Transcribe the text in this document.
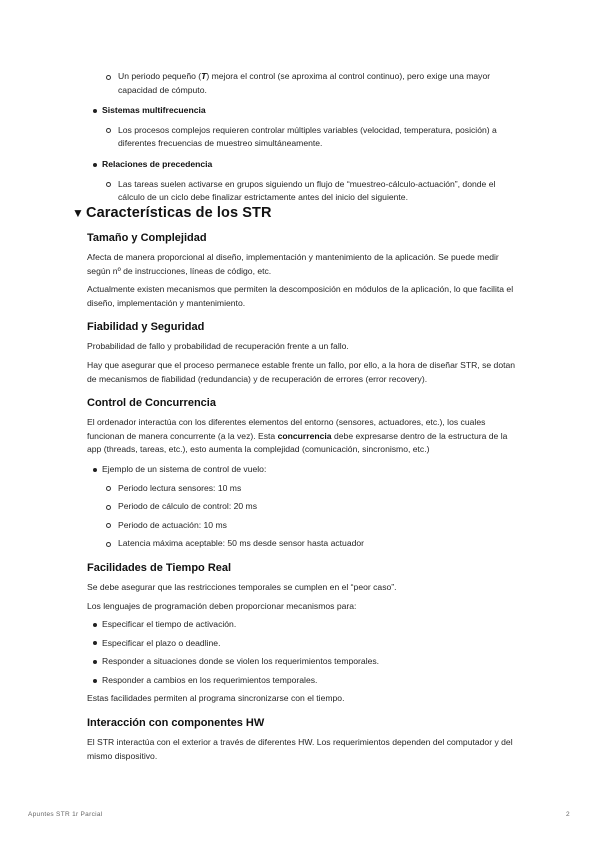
Un periodo pequeño (T) mejora el control (se aproxima al control continuo), pero exige una mayor capacidad de cómputo.
Sistemas multifrecuencia
Los procesos complejos requieren controlar múltiples variables (velocidad, temperatura, posición) a diferentes frecuencias de muestreo simultáneamente.
Relaciones de precedencia
Las tareas suelen activarse en grupos siguiendo un flujo de “muestreo-cálculo-actuación”, donde el cálculo de un ciclo debe finalizar estrictamente antes del inicio del siguiente.
▼ Características de los STR

Tamaño y Complejidad

Afecta de manera proporcional al diseño, implementación y mantenimiento de la aplicación. Se puede medir según nº de instrucciones, líneas de código, etc.

Actualmente existen mecanismos que permiten la descomposición en módulos de la aplicación, lo que facilita el diseño, implementación y mantenimiento.

Fiabilidad y Seguridad

Probabilidad de fallo y probabilidad de recuperación frente a un fallo.

Hay que asegurar que el proceso permanece estable frente un fallo, por ello, a la hora de diseñar STR, se dotan de mecanismos de fiabilidad (redundancia) y de recuperación de errores (error recovery).

Control de Concurrencia

El ordenador interactúa con los diferentes elementos del entorno (sensores, actuadores, etc.), los cuales funcionan de manera concurrente (a la vez). Esta concurrencia debe expresarse dentro de la estructura de la app (threads, tareas, etc.), esto aumenta la complejidad (comunicación, sincronismo, etc.)

Ejemplo de un sistema de control de vuelo:
Periodo lectura sensores: 10 ms
Periodo de cálculo de control: 20 ms
Periodo de actuación: 10 ms
Latencia máxima aceptable: 50 ms desde sensor hasta actuador

Facilidades de Tiempo Real

Se debe asegurar que las restricciones temporales se cumplen en el “peor caso”.

Los lenguajes de programación deben proporcionar mecanismos para:

Especificar el tiempo de activación.
Especificar el plazo o deadline.
Responder a situaciones donde se violen los requerimientos temporales.
Responder a cambios en los requerimientos temporales.

Estas facilidades permiten al programa sincronizarse con el tiempo.

Interacción con componentes HW

El STR interactúa con el exterior a través de diferentes HW. Los requerimientos dependen del computador y del mismo dispositivo.

Apuntes STR 1r Parcial	2
